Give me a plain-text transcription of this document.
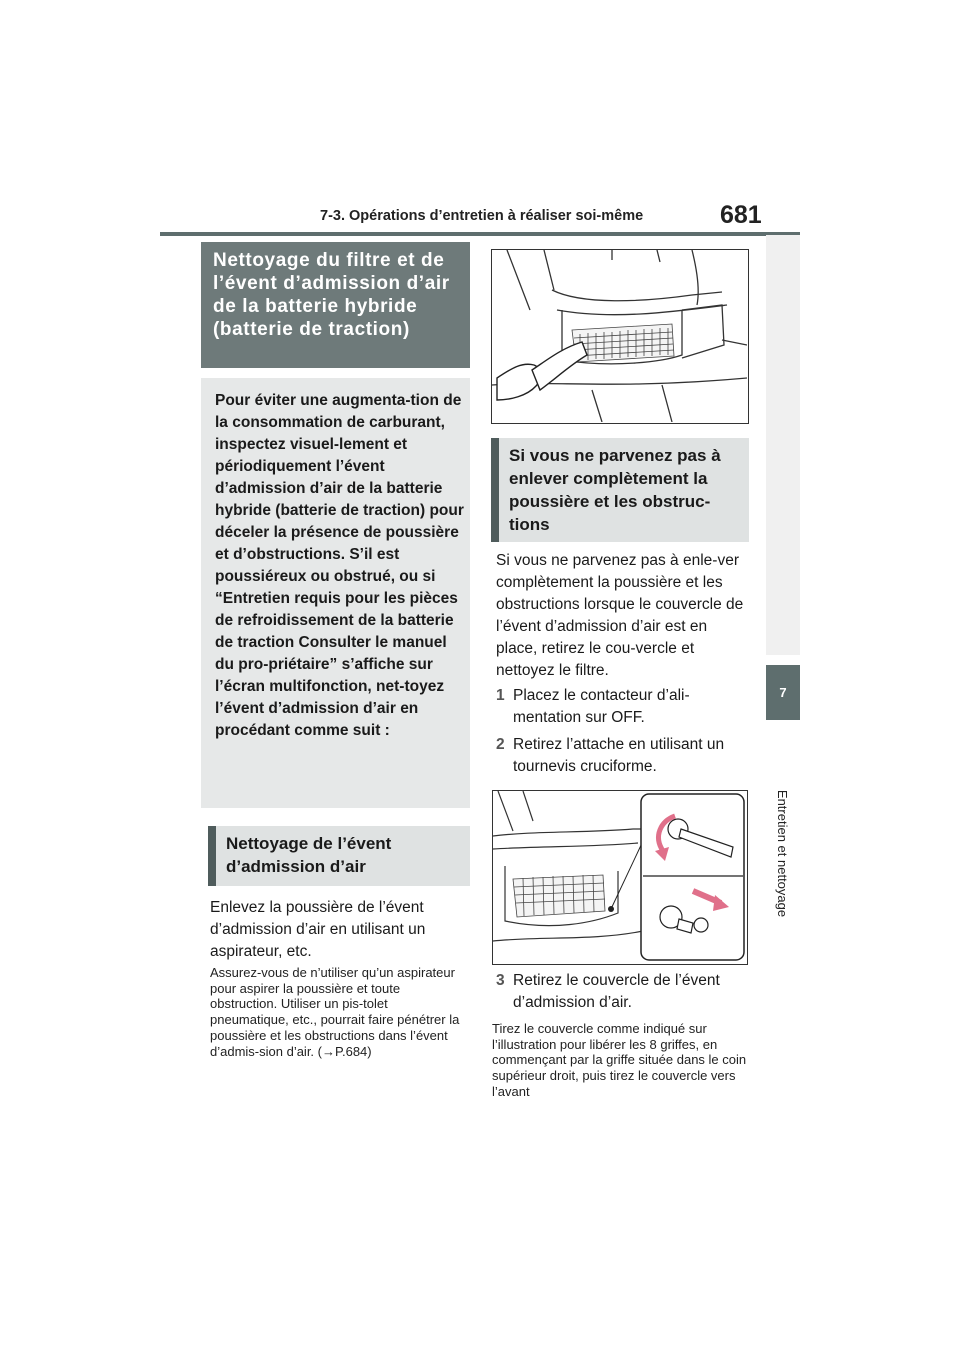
7-3. Opérations d’entretien à réaliser soi-même	681
7
Entretien et nettoyage
Nettoyage du filtre et de l’évent d’admission d’air de la batterie hybride (batterie de traction)
Pour éviter une augmenta-tion de la consommation de carburant, inspectez visuel-lement et périodiquement l’évent d’admission d’air de la batterie hybride (batterie de traction) pour déceler la présence de poussière et d’obstructions. S’il est poussiéreux ou obstrué, ou si “Entretien requis pour les pièces de refroidissement de la batterie de traction Consulter le manuel du pro-priétaire” s’affiche sur l’écran multifonction, net-toyez l’évent d’admission d’air en procédant comme suit :
Nettoyage de l’évent d’admission d’air
Enlevez la poussière de l’évent d’admission d’air en utilisant un aspirateur, etc.
Assurez-vous de n’utiliser qu’un aspirateur pour aspirer la poussière et toute obstruction. Utiliser un pis-tolet pneumatique, etc., pourrait faire pénétrer la poussière et les obstructions dans l’évent d’admis-sion d’air. (→P.684)
Si vous ne parvenez pas à enlever complètement la poussière et les obstruc-tions
Si vous ne parvenez pas à enle-ver complètement la poussière et les obstructions lorsque le couvercle de l’évent d’admission d’air est en place, retirez le cou-vercle et nettoyez le filtre.
1 Placez le contacteur d’ali-mentation sur OFF.
2 Retirez l’attache en utilisant un tournevis cruciforme.
3 Retirez le couvercle de l’évent d’admission d’air.
Tirez le couvercle comme indiqué sur l’illustration pour libérer les 8 griffes, en commençant par la griffe située dans le coin supérieur droit, puis tirez le couvercle vers l’avant
